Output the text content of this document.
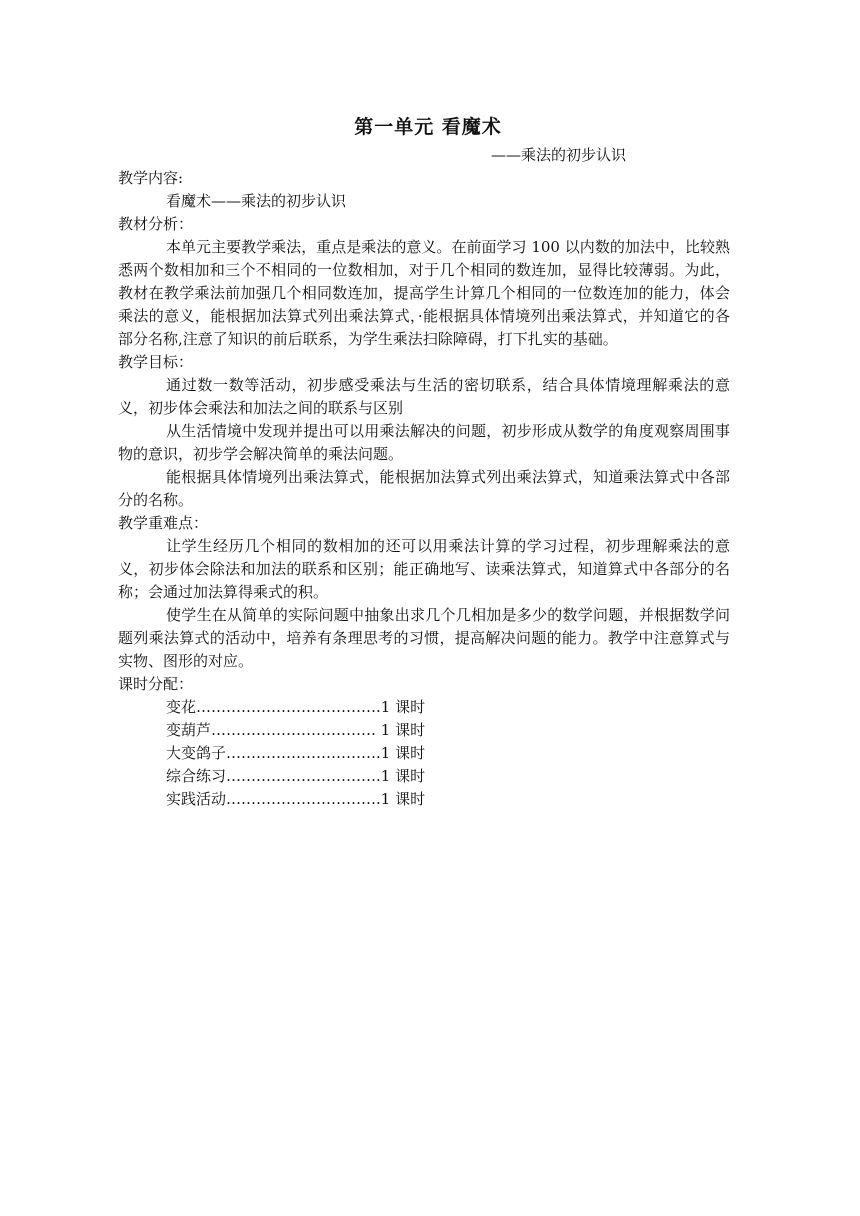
第一单元 看魔术
——乘法的初步认识
教学内容:
看魔术——乘法的初步认识
教材分析：
本单元主要教学乘法，重点是乘法的意义。在前面学习 100 以内数的加法中，比较熟悉两个数相加和三个不相同的一位数相加，对于几个相同的数连加，显得比较薄弱。为此，教材在教学乘法前加强几个相同数连加，提高学生计算几个相同的一位数连加的能力，体会乘法的意义，能根据加法算式列出乘法算式，·能根据具体情境列出乘法算式，并知道它的各部分名称,注意了知识的前后联系，为学生乘法扫除障碍，打下扎实的基础。
教学目标：
通过数一数等活动，初步感受乘法与生活的密切联系，结合具体情境理解乘法的意义，初步体会乘法和加法之间的联系与区别
从生活情境中发现并提出可以用乘法解决的问题，初步形成从数学的角度观察周围事物的意识，初步学会解决简单的乘法问题。
能根据具体情境列出乘法算式，能根据加法算式列出乘法算式，知道乘法算式中各部分的名称。
教学重难点：
让学生经历几个相同的数相加的还可以用乘法计算的学习过程，初步理解乘法的意义，初步体会除法和加法的联系和区别；能正确地写、读乘法算式，知道算式中各部分的名称；会通过加法算得乘式的积。
使学生在从简单的实际问题中抽象出求几个几相加是多少的数学问题，并根据数学问题列乘法算式的活动中，培养有条理思考的习惯，提高解决问题的能力。教学中注意算式与实物、图形的对应。
课时分配：
变花……………………………….1 课时
变葫芦…………………………… 1 课时
大变鸽子………………………….1 课时
综合练习………………………….1 课时
实践活动………………………….1 课时
